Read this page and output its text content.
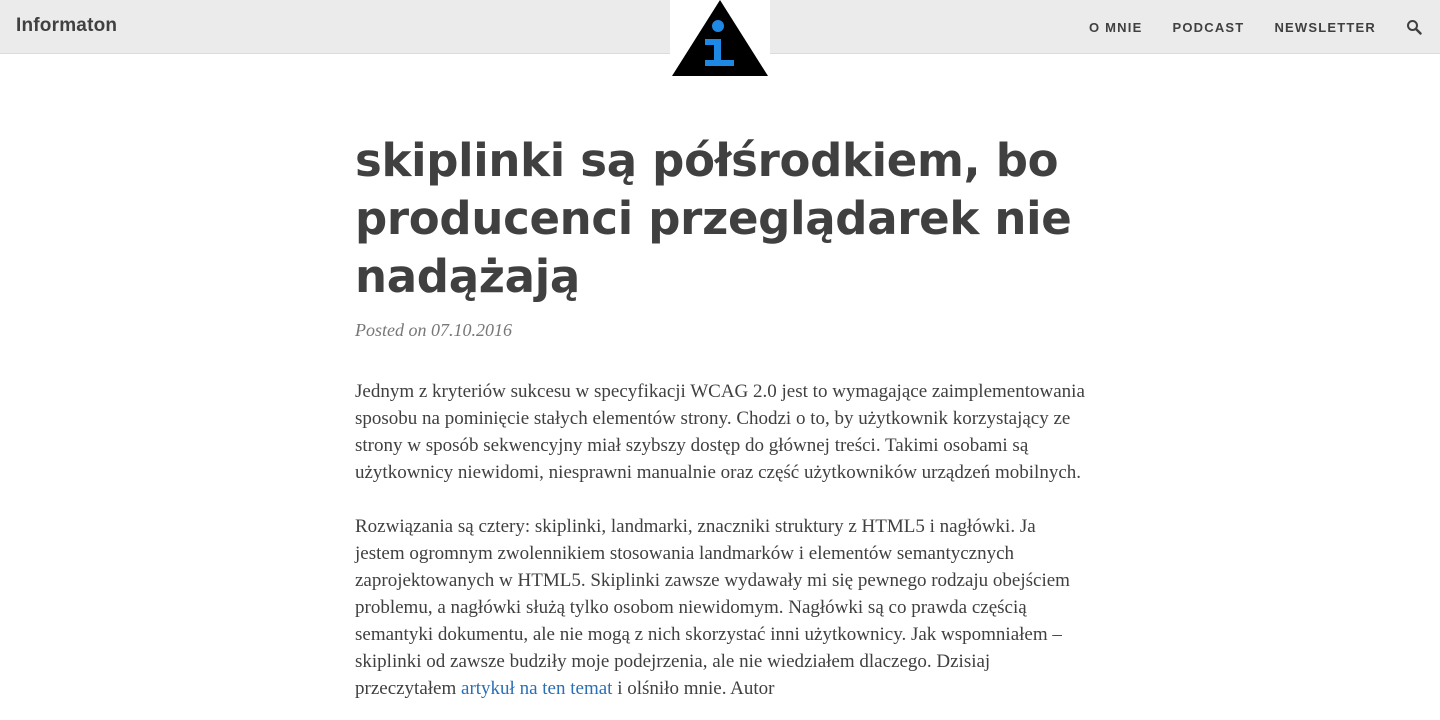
Informaton	O MNIE PODCAST NEWSLETTER
skiplinki są półśrodkiem, bo producenci przeglądarek nie nadążają
Posted on 07.10.2016

Jednym z kryteriów sukcesu w specyfikacji WCAG 2.0 jest to wymagające zaimplementowania sposobu na pominięcie stałych elementów strony. Chodzi o to, by użytkownik korzystający ze strony w sposób sekwencyjny miał szybszy dostęp do głównej treści. Takimi osobami są użytkownicy niewidomi, niesprawni manualnie oraz część użytkowników urządzeń mobilnych.

Rozwiązania są cztery: skiplinki, landmarki, znaczniki struktury z HTML5 i nagłówki. Ja jestem ogromnym zwolennikiem stosowania landmarków i elementów semantycznych zaprojektowanych w HTML5. Skiplinki zawsze wydawały mi się pewnego rodzaju obejściem problemu, a nagłówki służą tylko osobom niewidomym. Nagłówki są co prawda częścią semantyki dokumentu, ale nie mogą z nich skorzystać inni użytkownicy. Jak wspomniałem – skiplinki od zawsze budziły moje podejrzenia, ale nie wiedziałem dlaczego. Dzisiaj przeczytałem artykuł na ten temat i olśniło mnie. Autor
